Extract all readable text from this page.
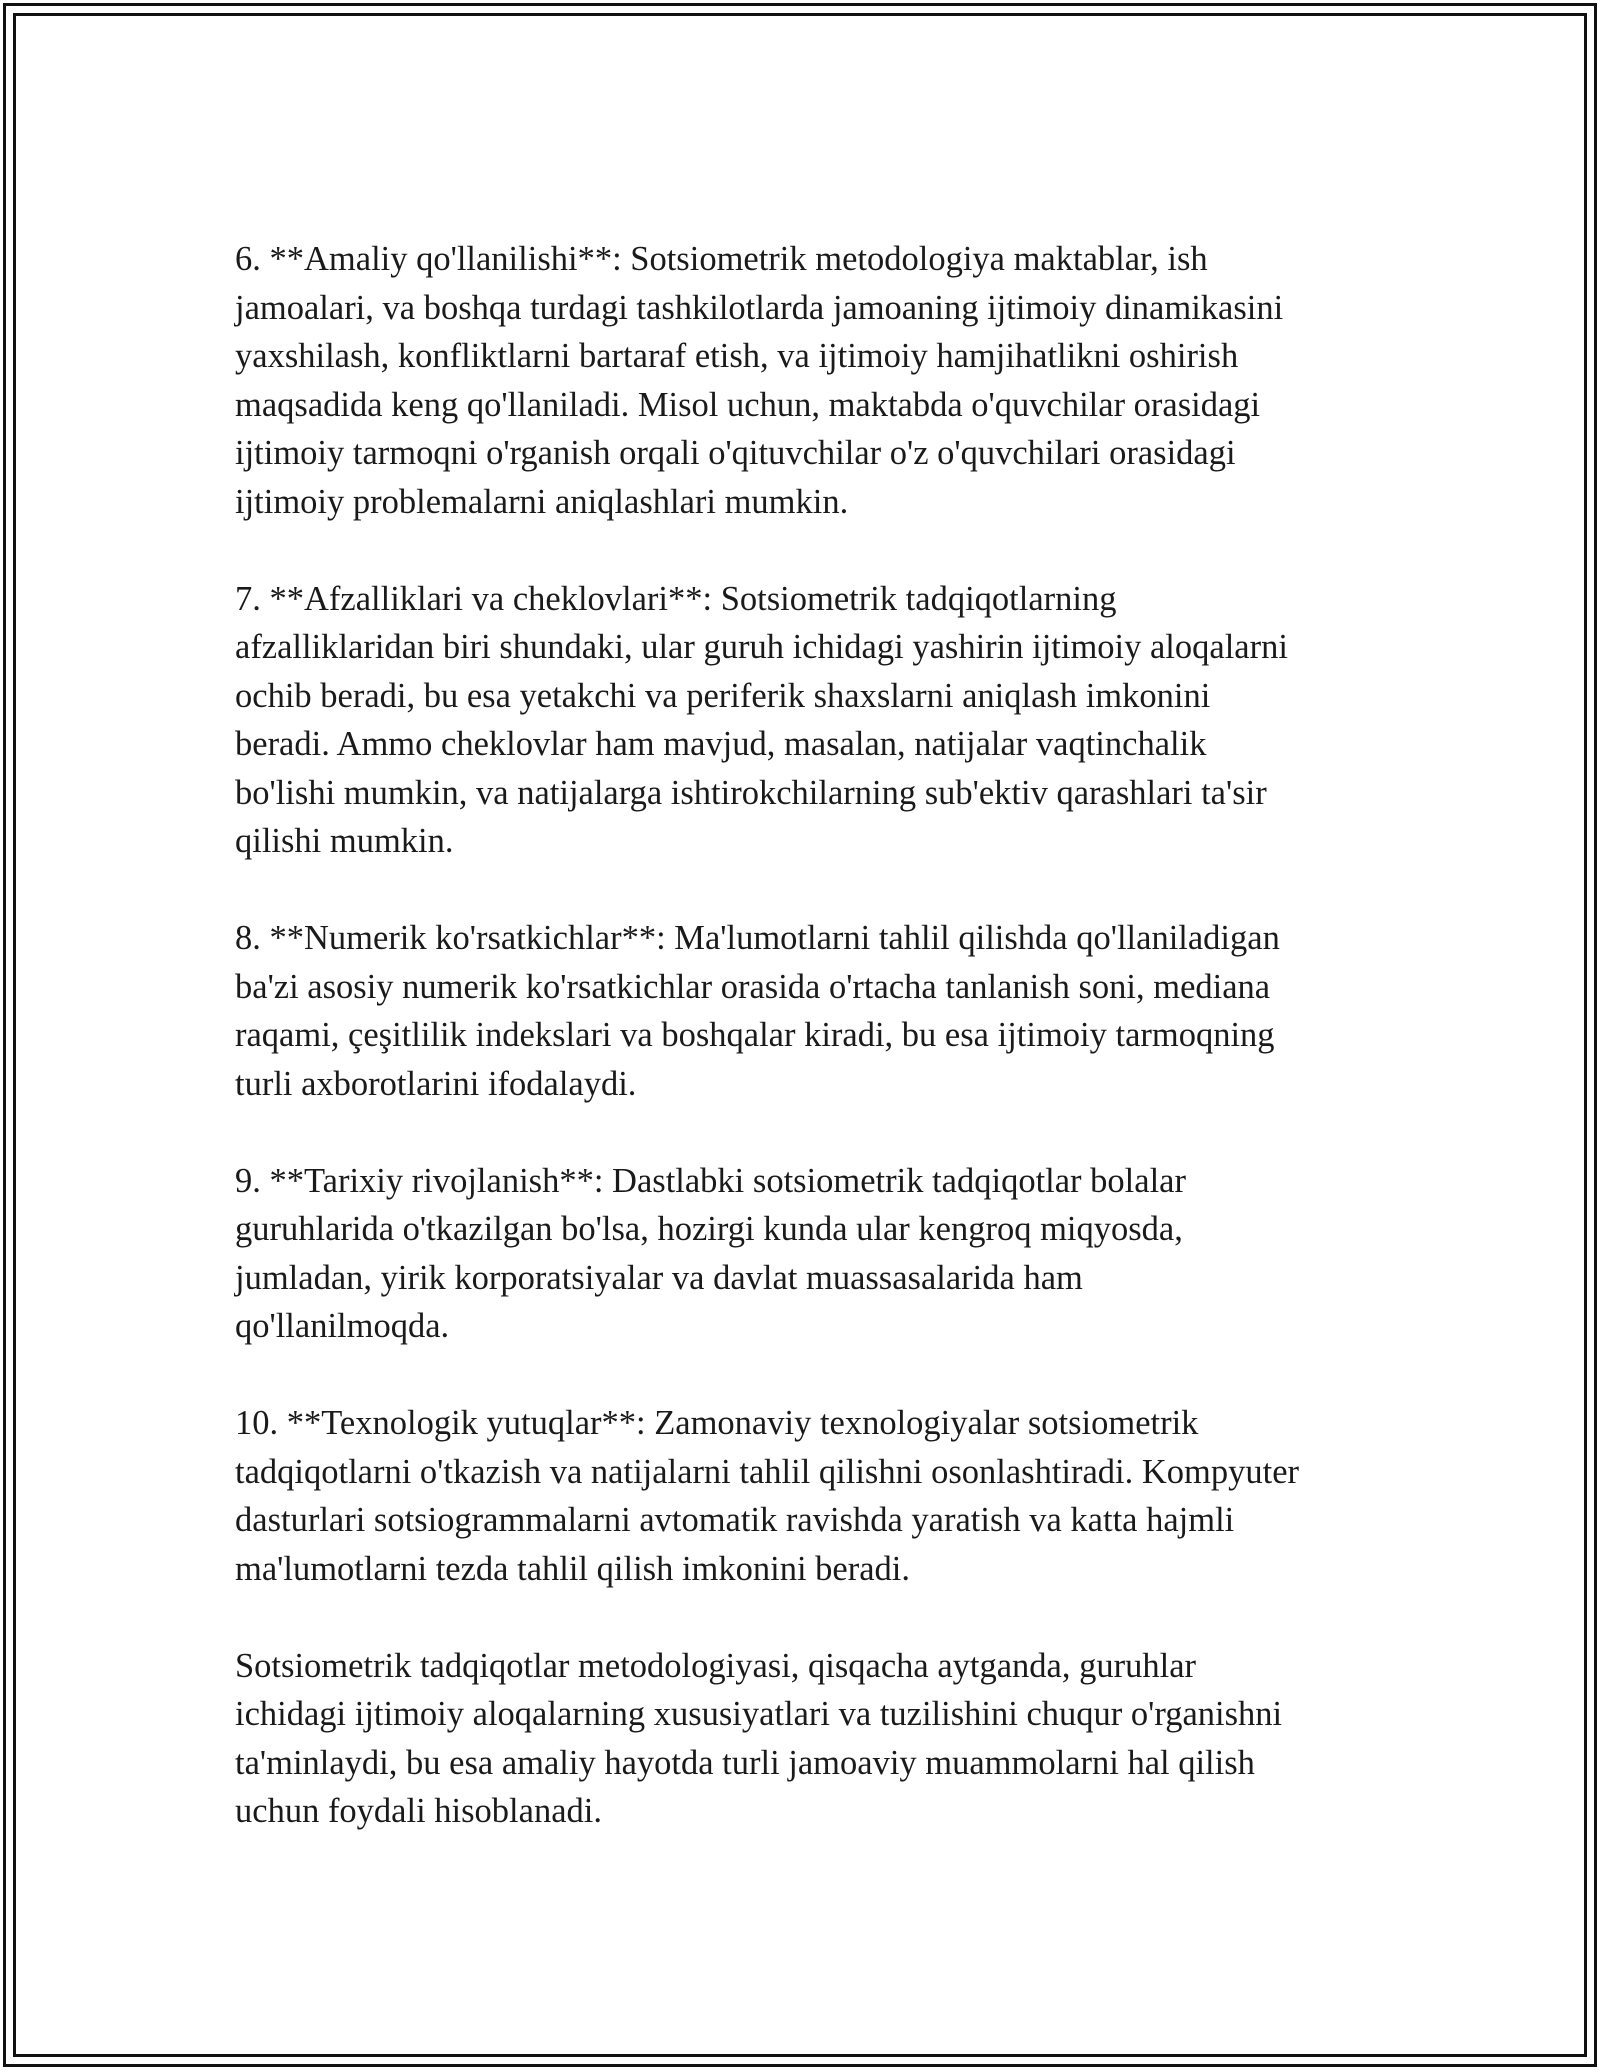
6. **Amaliy qo'llanilishi**: Sotsiometrik metodologiya maktablar, ish
jamoalari, va boshqa turdagi tashkilotlarda jamoaning ijtimoiy dinamikasini
yaxshilash, konfliktlarni bartaraf etish, va ijtimoiy hamjihatlikni oshirish
maqsadida keng qo'llaniladi. Misol uchun, maktabda o'quvchilar orasidagi
ijtimoiy tarmoqni o'rganish orqali o'qituvchilar o'z o'quvchilari orasidagi
ijtimoiy problemalarni aniqlashlari mumkin.

7. **Afzalliklari va cheklovlari**: Sotsiometrik tadqiqotlarning
afzalliklaridan biri shundaki, ular guruh ichidagi yashirin ijtimoiy aloqalarni
ochib beradi, bu esa yetakchi va periferik shaxslarni aniqlash imkonini
beradi. Ammo cheklovlar ham mavjud, masalan, natijalar vaqtinchalik
bo'lishi mumkin, va natijalarga ishtirokchilarning sub'ektiv qarashlari ta'sir
qilishi mumkin.

8. **Numerik ko'rsatkichlar**: Ma'lumotlarni tahlil qilishda qo'llaniladigan
ba'zi asosiy numerik ko'rsatkichlar orasida o'rtacha tanlanish soni, mediana
raqami, çeşitlilik indekslari va boshqalar kiradi, bu esa ijtimoiy tarmoqning
turli axborotlarini ifodalaydi.

9. **Tarixiy rivojlanish**: Dastlabki sotsiometrik tadqiqotlar bolalar
guruhlarida o'tkazilgan bo'lsa, hozirgi kunda ular kengroq miqyosda,
jumladan, yirik korporatsiyalar va davlat muassasalarida ham
qo'llanilmoqda.

10. **Texnologik yutuqlar**: Zamonaviy texnologiyalar sotsiometrik
tadqiqotlarni o'tkazish va natijalarni tahlil qilishni osonlashtiradi. Kompyuter
dasturlari sotsiogrammalarni avtomatik ravishda yaratish va katta hajmli
ma'lumotlarni tezda tahlil qilish imkonini beradi.

Sotsiometrik tadqiqotlar metodologiyasi, qisqacha aytganda, guruhlar
ichidagi ijtimoiy aloqalarning xususiyatlari va tuzilishini chuqur o'rganishni
ta'minlaydi, bu esa amaliy hayotda turli jamoaviy muammolarni hal qilish
uchun foydali hisoblanadi.
